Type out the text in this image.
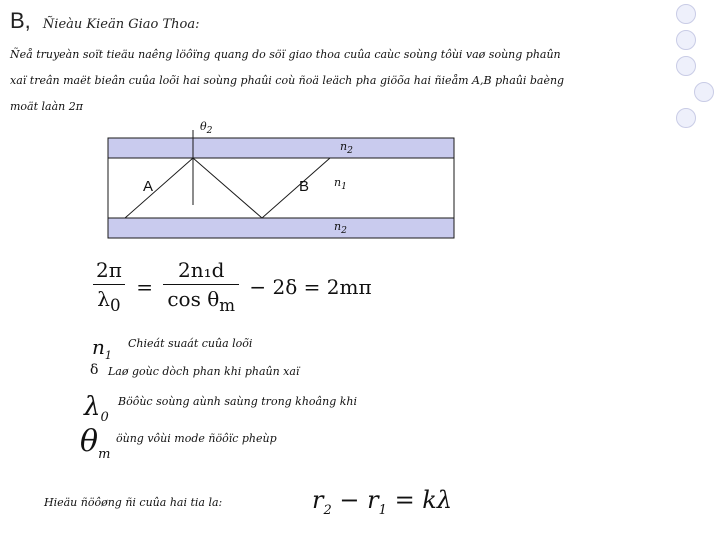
B, Ñieàu Kieän Giao Thoa:
Ñeå truyeàn soït tieäu naêng löôïng quang do söï giao thoa cuûa caùc soùng tôùi vaø soùng phaûn
xaï treân maët bieân cuûa loõi hai soùng phaûi coù ñoä leäch pha giöõa hai ñieåm A,B phaûi baèng
moät laàn 2π
$\theta_2$
$n_2$
$n_1$
$n_2$
A	B
$\frac{2\pi}{\lambda_0} = \frac{\text{2n₁d}}{\cos \theta_m} - 2\delta = 2m\pi$
$n_1$
Chieát suaát cuûa loõi
δ Laø goùc dòch phan khi phaûn xaï
$\lambda_0$
Böôùc soùng aùnh saùng trong khoâng khi
$\theta_m$
öùng vôùi mode ñöôïc pheùp
Hieäu ñöôøng ñi cuûa hai tia la:	$r_2 - r_1 = k\lambda$
